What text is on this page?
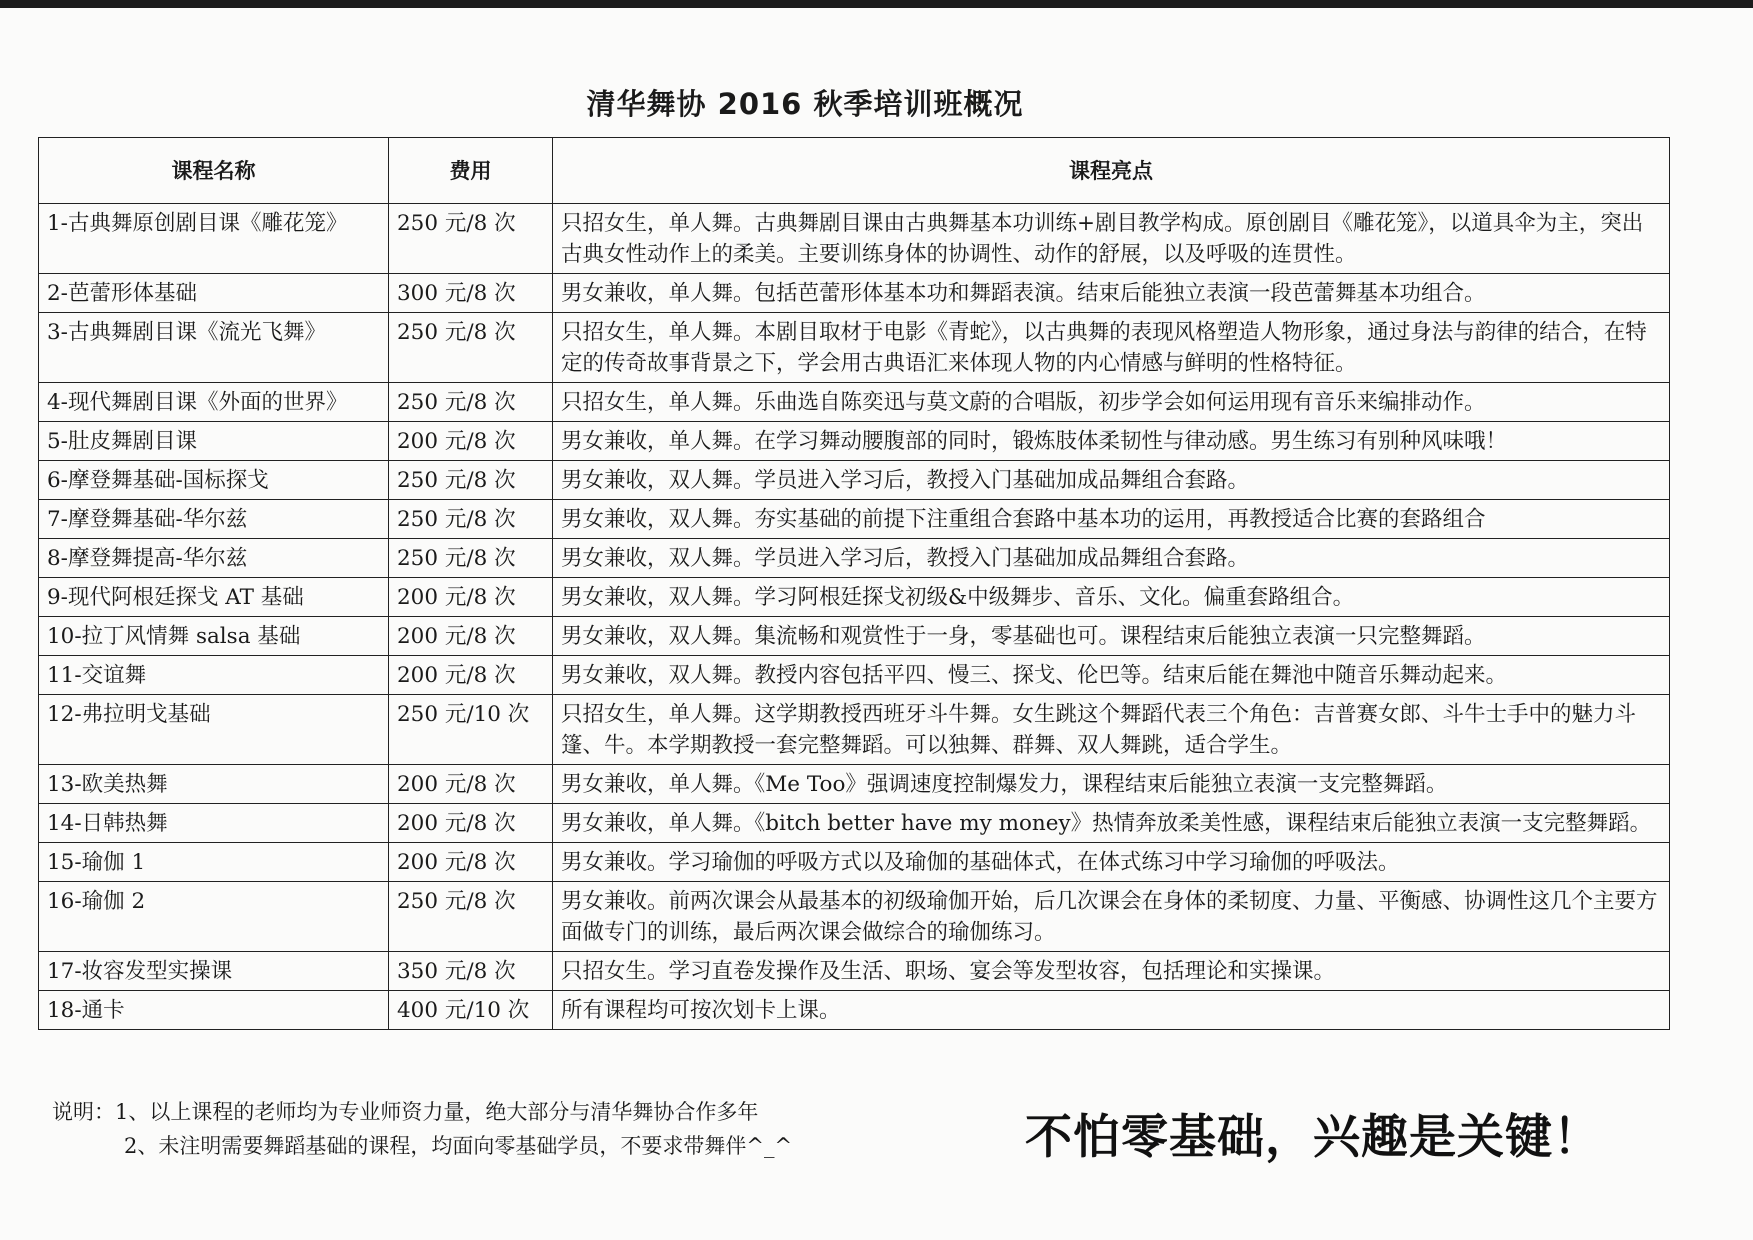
清华舞协 2016 秋季培训班概况
课程名称	费用	课程亮点
1-古典舞原创剧目课《雕花笼》	250 元/8 次	只招女生，单人舞。古典舞剧目课由古典舞基本功训练+剧目教学构成。原创剧目《雕花笼》，以道具伞为主，突出古典女性动作上的柔美。主要训练身体的协调性、动作的舒展，以及呼吸的连贯性。
2-芭蕾形体基础	300 元/8 次	男女兼收，单人舞。包括芭蕾形体基本功和舞蹈表演。结束后能独立表演一段芭蕾舞基本功组合。
3-古典舞剧目课《流光飞舞》	250 元/8 次	只招女生，单人舞。本剧目取材于电影《青蛇》，以古典舞的表现风格塑造人物形象，通过身法与韵律的结合，在特定的传奇故事背景之下，学会用古典语汇来体现人物的内心情感与鲜明的性格特征。
4-现代舞剧目课《外面的世界》	250 元/8 次	只招女生，单人舞。乐曲选自陈奕迅与莫文蔚的合唱版，初步学会如何运用现有音乐来编排动作。
5-肚皮舞剧目课	200 元/8 次	男女兼收，单人舞。在学习舞动腰腹部的同时，锻炼肢体柔韧性与律动感。男生练习有别种风味哦！
6-摩登舞基础-国标探戈	250 元/8 次	男女兼收，双人舞。学员进入学习后，教授入门基础加成品舞组合套路。
7-摩登舞基础-华尔兹	250 元/8 次	男女兼收，双人舞。夯实基础的前提下注重组合套路中基本功的运用，再教授适合比赛的套路组合
8-摩登舞提高-华尔兹	250 元/8 次	男女兼收，双人舞。学员进入学习后，教授入门基础加成品舞组合套路。
9-现代阿根廷探戈 AT 基础	200 元/8 次	男女兼收，双人舞。学习阿根廷探戈初级&中级舞步、音乐、文化。偏重套路组合。
10-拉丁风情舞 salsa 基础	200 元/8 次	男女兼收，双人舞。集流畅和观赏性于一身，零基础也可。课程结束后能独立表演一只完整舞蹈。
11-交谊舞	200 元/8 次	男女兼收，双人舞。教授内容包括平四、慢三、探戈、伦巴等。结束后能在舞池中随音乐舞动起来。
12-弗拉明戈基础	250 元/10 次	只招女生，单人舞。这学期教授西班牙斗牛舞。女生跳这个舞蹈代表三个角色：吉普赛女郎、斗牛士手中的魅力斗篷、牛。本学期教授一套完整舞蹈。可以独舞、群舞、双人舞跳，适合学生。
13-欧美热舞	200 元/8 次	男女兼收，单人舞。《Me Too》强调速度控制爆发力，课程结束后能独立表演一支完整舞蹈。
14-日韩热舞	200 元/8 次	男女兼收，单人舞。《bitch better have my money》热情奔放柔美性感，课程结束后能独立表演一支完整舞蹈。
15-瑜伽 1	200 元/8 次	男女兼收。学习瑜伽的呼吸方式以及瑜伽的基础体式，在体式练习中学习瑜伽的呼吸法。
16-瑜伽 2	250 元/8 次	男女兼收。前两次课会从最基本的初级瑜伽开始，后几次课会在身体的柔韧度、力量、平衡感、协调性这几个主要方面做专门的训练，最后两次课会做综合的瑜伽练习。
17-妆容发型实操课	350 元/8 次	只招女生。学习直卷发操作及生活、职场、宴会等发型妆容，包括理论和实操课。
18-通卡	400 元/10 次	所有课程均可按次划卡上课。
说明：1、以上课程的老师均为专业师资力量，绝大部分与清华舞协合作多年
2、未注明需要舞蹈基础的课程，均面向零基础学员，不要求带舞伴^_^	不怕零基础，兴趣是关键！
